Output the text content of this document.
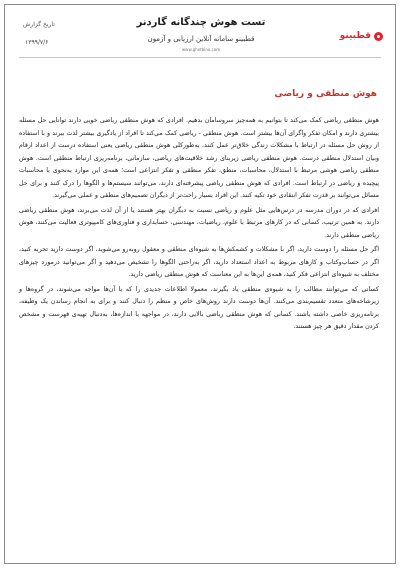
تاریخ گزارش
۱۳۹۹/۷/۶
تست هوش چندگانه گاردنر
قطبینو سامانه آنلاین ارزیابی و آزمون
www.ghotbino.com
قطبینو
هوش منطقی و ریاضی

هوش منطقی ریاضی کمک می‌کند تا بتوانیم به همه‌چیز سروسامان بدهیم. افرادی که هوش منطقی ریاضی خوبی دارند توانایی حل مسئله بیشتری دارند و امکان تفکر واگرای آن‌ها بیشتر است. هوش منطقی - ریاضی کمک می‌کند تا افراد از یادگیری بیشتر لذت ببرند و با استفاده از روش حل مسئله در ارتباط با مشکلات زندگی خلاق‌تر عمل کنند. به‌طورکلی هوش منطقی ریاضی یعنی استفاده درست از اعداد ارقام وبیان استدلال منطقی درست. هوش منطقی ریاضی زیربنای رشد خلاقیت‌های ریاضی، سازمانی، برنامه‌ریزی ارتباط منطقی است. هوش منطقی ریاضی هوشی مرتبط با استدلال، محاسبات، منطق، تفکر منطقی و تفکر انتزاعی است؛ همه‌ی این موارد به‌نحوی با محاسبات پیچیده و ریاضی در ارتباط است. افرادی که هوش منطقی ریاضی پیشرفته‌ای دارند، می‌توانند سیستم‌ها و الگوها را درک کنند و برای حل مسائل می‌توانند بر قدرت تفکر انتقادی خود تکیه کنند. این افراد بسیار راحت‌تر از دیگران تصمیم‌های منطقی و عملی می‌گیرند.

افرادی که در دوران مدرسه در درس‌هایی مثل علوم و ریاضی نسبت به دیگران بهتر هستند یا از آن لذت می‌برند، هوش منطقی ریاضی دارند. به همین ترتیب، کسانی که در کارهای مرتبط با علوم، ریاضیات، مهندسی، حسابداری و فناوری‌های کامپیوتری فعالیت می‌کنند، هوش ریاضی منطقی دارند.

اگر حل مسئله را دوست دارید، اگر با مشکلات و کشمکش‌ها به شیوه‌ای منطقی و معقول روبه‌رو می‌شوید، اگر دوست دارید تجربه کنید، اگر در حساب‌وکتاب و کارهای مربوط به اعداد استعداد دارید، اگر به‌راحتی الگوها را تشخیص می‌دهید و اگر می‌توانید درمورد چیزهای مختلف به شیوه‌ای انتزاعی فکر کنید، همه‌ی این‌ها به این معناست که هوش منطقی ریاضی دارید.

کسانی که می‌توانند مطالب را به شیوه‌ی منطقی یاد بگیرند، معمولا اطلاعات جدیدی را که با آن‌ها مواجه می‌شوند، در گروه‌ها و زیرشاخه‌های متعدد تقسیم‌بندی می‌کنند. آن‌ها دوست دارند روش‌های خاص و منظم را دنبال کنند و برای به انجام رساندن یک وظیفه، برنامه‌ریزی خاصی داشته باشند. کسانی که هوش منطقی ریاضی بالایی دارند، در مواجهه با اندازه‌ها، به‌دنبال تهیه‌ی فهرست و مشخص کردن مقدار دقیق هر چیز هستند.
